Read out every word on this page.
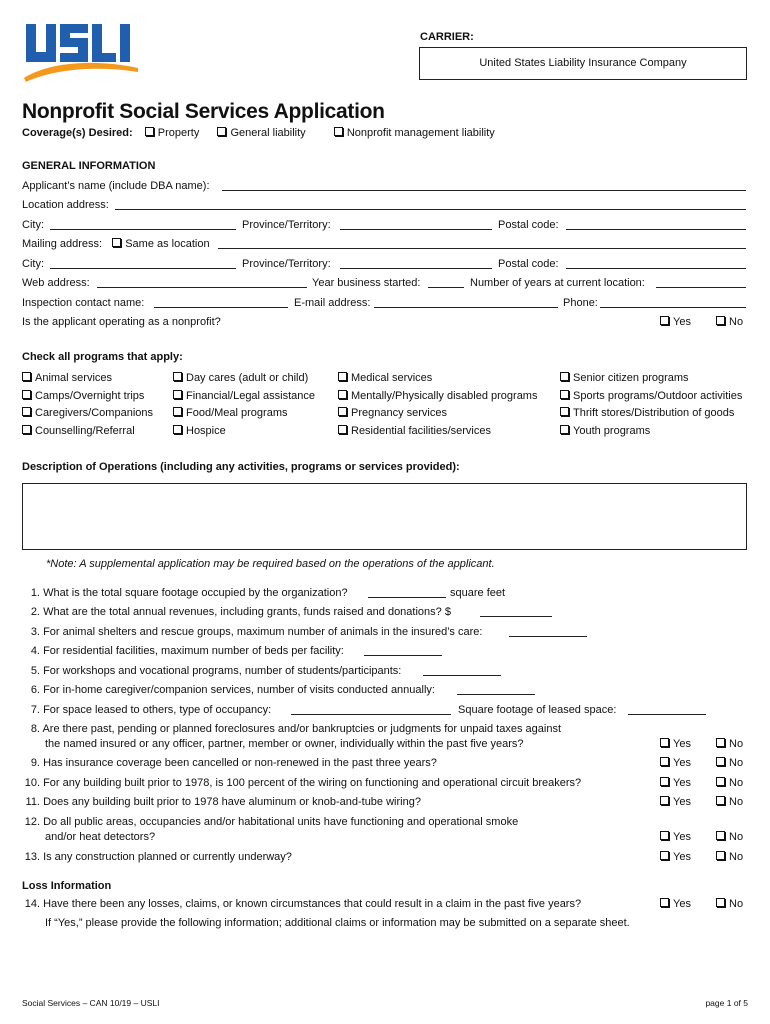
CARRIER:
United States Liability Insurance Company
Nonprofit Social Services Application
Coverage(s) Desired: Property	General liability	Nonprofit management liability
GENERAL INFORMATION
Applicant’s name (include DBA name):
Location address:
City:	Province/Territory:	Postal code:
Mailing address: Same as location
City:	Province/Territory:	Postal code:
Web address:	Year business started:	Number of years at current location:
Inspection contact name:	E-mail address:	Phone:
Is the applicant operating as a nonprofit?	Yes	No
Check all programs that apply:
Animal services
Camps/Overnight trips
Caregivers/Companions
Counselling/Referral
Day cares (adult or child)
Financial/Legal assistance
Food/Meal programs
Hospice
Medical services
Mentally/Physically disabled programs
Pregnancy services
Residential facilities/services
Senior citizen programs
Sports programs/Outdoor activities
Thrift stores/Distribution of goods
Youth programs
Description of Operations (including any activities, programs or services provided):
*Note: A supplemental application may be required based on the operations of the applicant.
1. What is the total square footage occupied by the organization?	square feet
2. What are the total annual revenues, including grants, funds raised and donations? $
3. For animal shelters and rescue groups, maximum number of animals in the insured’s care:
4. For residential facilities, maximum number of beds per facility:
5. For workshops and vocational programs, number of students/participants:
6. For in-home caregiver/companion services, number of visits conducted annually:
7. For space leased to others, type of occupancy:	Square footage of leased space:
8. Are there past, pending or planned foreclosures and/or bankruptcies or judgments for unpaid taxes against
the named insured or any officer, partner, member or owner, individually within the past five years?	Yes	No
9. Has insurance coverage been cancelled or non-renewed in the past three years?	Yes	No
10. For any building built prior to 1978, is 100 percent of the wiring on functioning and operational circuit breakers?	Yes	No
11. Does any building built prior to 1978 have aluminum or knob-and-tube wiring?	Yes	No
12. Do all public areas, occupancies and/or habitational units have functioning and operational smoke
and/or heat detectors?	Yes	No
13. Is any construction planned or currently underway?	Yes	No
Loss Information
14. Have there been any losses, claims, or known circumstances that could result in a claim in the past five years?	Yes	No
If “Yes,” please provide the following information; additional claims or information may be submitted on a separate sheet.
Social Services – CAN 10/19 – USLI	page 1 of 5
